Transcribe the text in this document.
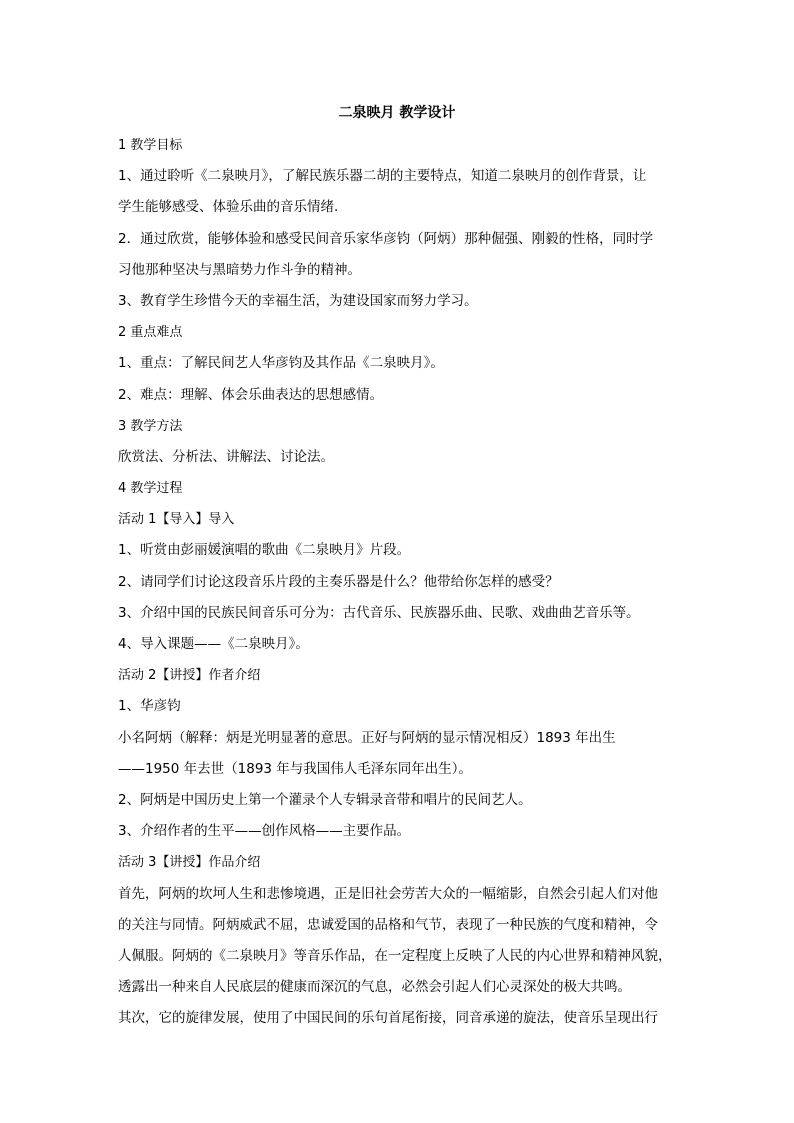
二泉映月 教学设计
1 教学目标
1、通过聆听《二泉映月》，了解民族乐器二胡的主要特点，知道二泉映月的创作背景，让
学生能够感受、体验乐曲的音乐情绪.
2．通过欣赏，能够体验和感受民间音乐家华彦钧（阿炳）那种倔强、刚毅的性格，同时学
习他那种坚决与黑暗势力作斗争的精神。
3、教育学生珍惜今天的幸福生活，为建设国家而努力学习。
2 重点难点
1、重点：了解民间艺人华彦钧及其作品《二泉映月》。
2、难点：理解、体会乐曲表达的思想感情。
3 教学方法
欣赏法、分析法、讲解法、讨论法。
4 教学过程
活动 1【导入】导入
1、听赏由彭丽媛演唱的歌曲《二泉映月》片段。
2、请同学们讨论这段音乐片段的主奏乐器是什么？他带给你怎样的感受？
3、介绍中国的民族民间音乐可分为：古代音乐、民族器乐曲、民歌、戏曲曲艺音乐等。
4、导入课题——《二泉映月》。
活动 2【讲授】作者介绍
1、华彦钧
小名阿炳（解释：炳是光明显著的意思。正好与阿炳的显示情况相反）1893 年出生
——1950 年去世（1893 年与我国伟人毛泽东同年出生）。
2、阿炳是中国历史上第一个灌录个人专辑录音带和唱片的民间艺人。
3、介绍作者的生平——创作风格——主要作品。
活动 3【讲授】作品介绍
首先，阿炳的坎坷人生和悲惨境遇，正是旧社会劳苦大众的一幅缩影，自然会引起人们对他
的关注与同情。阿炳威武不屈，忠诚爱国的品格和气节，表现了一种民族的气度和精神，令
人佩服。阿炳的《二泉映月》等音乐作品，在一定程度上反映了人民的内心世界和精神风貌，
透露出一种来自人民底层的健康而深沉的气息，必然会引起人们心灵深处的极大共鸣。
其次，它的旋律发展，使用了中国民间的乐句首尾衔接，同音承递的旋法，使音乐呈现出行
